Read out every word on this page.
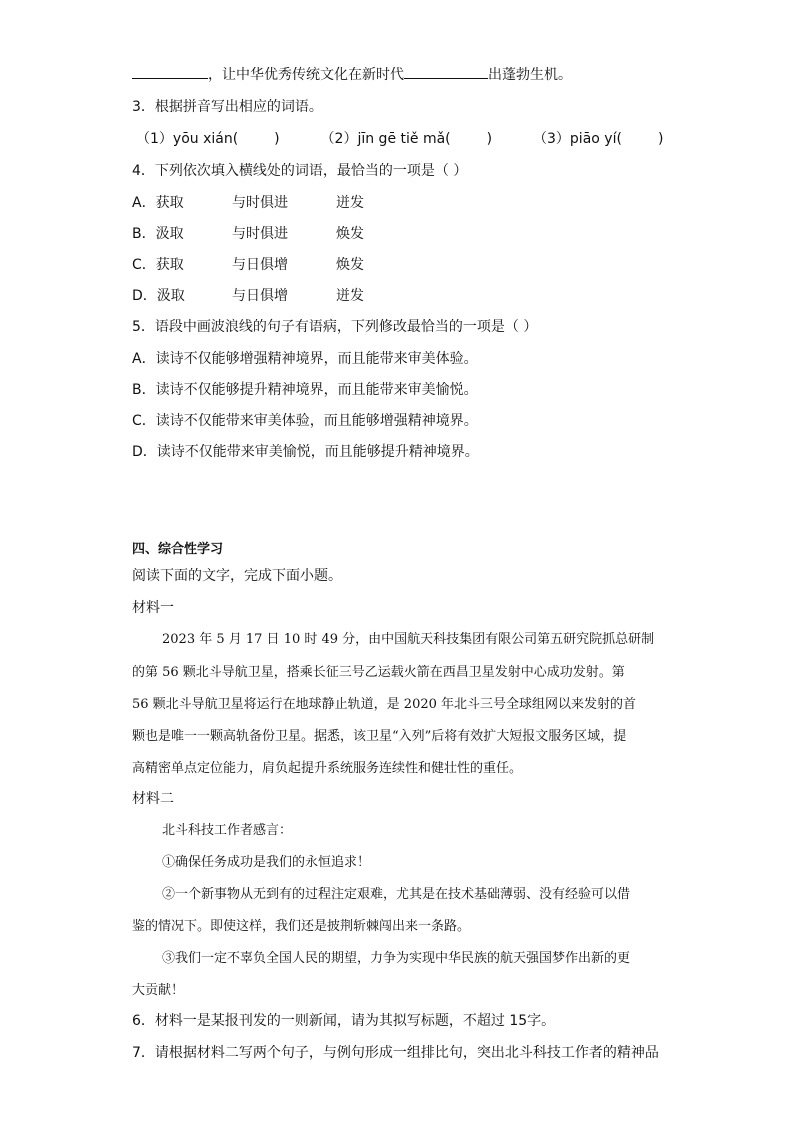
，让中华优秀传统文化在新时代	出蓬勃生机。
3．根据拼音写出相应的词语。
（1）yōu xián(	)	（2）jīn gē tiě mǎ(	)	（3）piāo yí(	)
4．下列依次填入横线处的词语，最恰当的一项是（ ）
A．获取	与时俱进	迸发
B．汲取	与时俱进	焕发
C．获取	与日俱增	焕发
D．汲取	与日俱增	迸发
5．语段中画波浪线的句子有语病，下列修改最恰当的一项是（ ）
A．读诗不仅能够增强精神境界，而且能带来审美体验。
B．读诗不仅能够提升精神境界，而且能带来审美愉悦。
C．读诗不仅能带来审美体验，而且能够增强精神境界。
D．读诗不仅能带来审美愉悦，而且能够提升精神境界。
四、综合性学习
阅读下面的文字，完成下面小题。
材料一
2023 年 5 月 17 日 10 时 49 分，由中国航天科技集团有限公司第五研究院抓总研制
的第 56 颗北斗导航卫星，搭乘长征三号乙运载火箭在西昌卫星发射中心成功发射。第
56 颗北斗导航卫星将运行在地球静止轨道，是 2020 年北斗三号全球组网以来发射的首
颗也是唯一一颗高轨备份卫星。据悉，该卫星“入列”后将有效扩大短报文服务区域，提
高精密单点定位能力，肩负起提升系统服务连续性和健壮性的重任。
材料二
北斗科技工作者感言：
①确保任务成功是我们的永恒追求！
②一个新事物从无到有的过程注定艰难，尤其是在技术基础薄弱、没有经验可以借
鉴的情况下。即使这样，我们还是披荆斩棘闯出来一条路。
③我们一定不辜负全国人民的期望，力争为实现中华民族的航天强国梦作出新的更
大贡献！
6．材料一是某报刊发的一则新闻，请为其拟写标题，不超过 15字。
7．请根据材料二写两个句子，与例句形成一组排比句，突出北斗科技工作者的精神品
